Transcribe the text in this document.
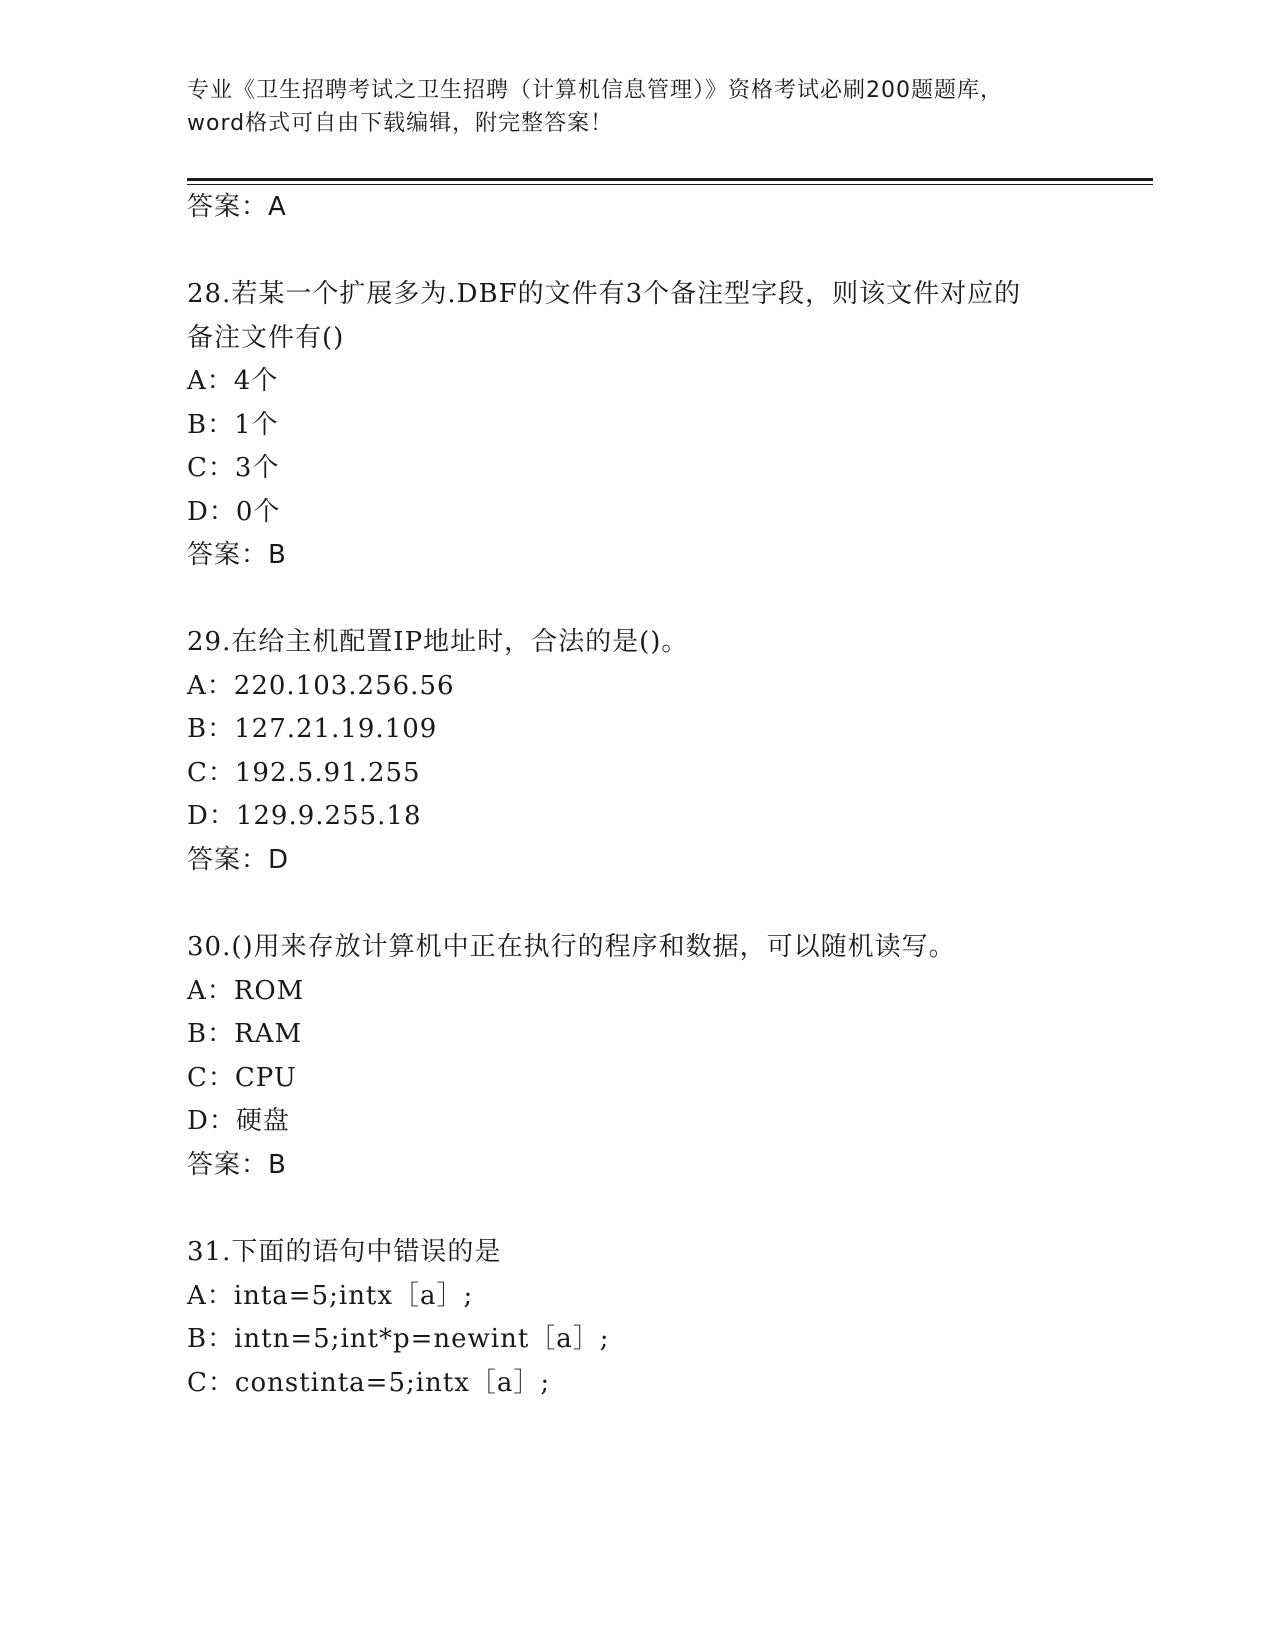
专业《卫生招聘考试之卫生招聘（计算机信息管理）》资格考试必刷200题题库，
word格式可自由下载编辑，附完整答案！
答案：A
28.若某一个扩展多为.DBF的文件有3个备注型字段，则该文件对应的
备注文件有()
A：4个
B：1个
C：3个
D：0个
答案：B
29.在给主机配置IP地址时，合法的是()。
A：220.103.256.56
B：127.21.19.109
C：192.5.91.255
D：129.9.255.18
答案：D
30.()用来存放计算机中正在执行的程序和数据，可以随机读写。
A：ROM
B：RAM
C：CPU
D：硬盘
答案：B
31.下面的语句中错误的是
A：inta=5;intx［a］;
B：intn=5;int*p=newint［a］;
C：constinta=5;intx［a］;
